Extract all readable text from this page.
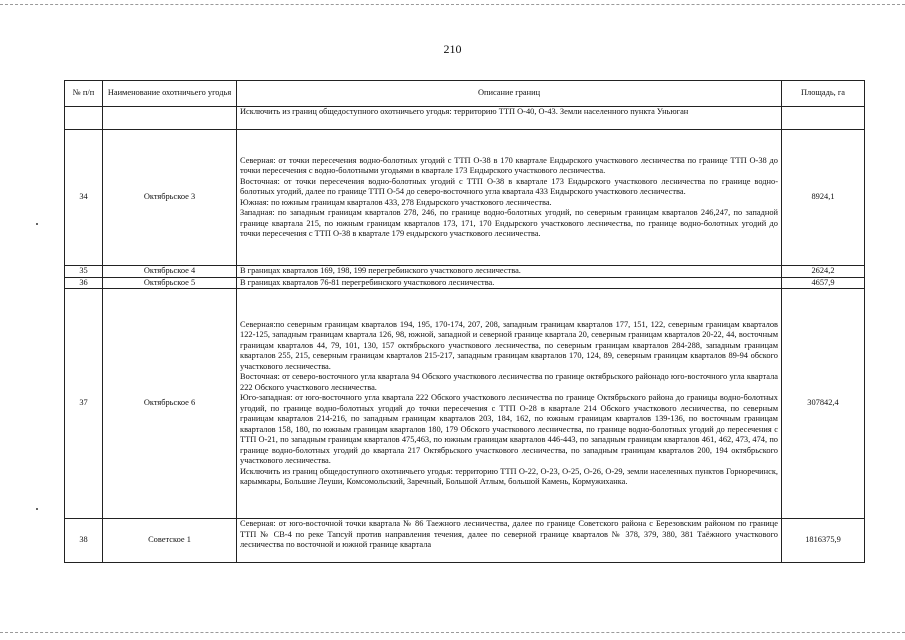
210
№ п/п	Наименование охотничьего угодья	Описание границ	Площадь, га
		Исключить из границ общедоступного охотничьего угодья: территорию ТТП О-40, О-43. Земли населенного пункта Уньюган	
34	Октябрьское 3	Северная: от точки пересечения водно-болотных угодий с ТТП О-38 в 170 квартале Ендырского участкового лесничества по границе ТТП О-38 до точки пересечения с водно-болотными угодьями в квартале 173 Ендырского участкового лесничества.
Восточная: от точки пересечения водно-болотных угодий с ТТП О-38 в квартале 173 Ендырского участкового лесничества по границе водно-болотных угодий, далее по границе ТТП О-54 до северо-восточного угла квартала 433 Ендырского участкового лесничества.
Южная: по южным границам кварталов 433, 278 Ендырского участкового лесничества.
Западная: по западным границам кварталов 278, 246, по границе водно-болотных угодий, по северным границам кварталов 246,247, по западной границе квартала 215, по южным границам кварталов 173, 171, 170 Ендырского участкового лесничества, по границе водно-болотных угодий до точки пересечения с ТТП О-38 в квартале 179 ендырского участкового лесничества.	8924,1
35	Октябрьское 4	В границах кварталов 169, 198, 199 перегребинского участкового лесничества.	2624,2
36	Октябрьское 5	В границах кварталов 76-81 перегребинского участкового лесничества.	4657,9
37	Октябрьское 6	Северная:по северным границам кварталов 194, 195, 170-174, 207, 208, западным границам кварталов 177, 151, 122, северным границам кварталов 122-125, западным границам квартала 126, 98, южной, западной и северной границе квартала 20, северным границам кварталов 20-22, 44, восточным границам кварталов 44, 79, 101, 130, 157 октябрьского участкового лесничества, по северным границам кварталов 284-288, западным границам кварталов 255, 215, северным границам кварталов 215-217, западным границам кварталов 170, 124, 89, северным границам кварталов 89-94 обского участкового лесничества.
Восточная: от северо-восточного угла квартала 94 Обского участкового лесничества по границе октябрьского районадо юго-восточного угла квартала 222 Обского участкового лесничества.
Юго-западная: от юго-восточного угла квартала 222 Обского участкового лесничества по границе Октябрьского района до границы водно-болотных угодий, по границе водно-болотных угодий до точки пересечения с ТТП О-28 в квартале 214 Обского участкового лесничества, по северным границам кварталов 214-216, по западным границам кварталов 203, 184, 162, по южным границам кварталов 139-136, по восточным границам кварталов 158, 180, по южным границам кварталов 180, 179 Обского участкового лесничества, по границе водно-болотных угодий до пересечения с ТТП О-21, по западным границам кварталов 475,463, по южным границам кварталов 446-443, по западным границам кварталов 461, 462, 473, 474, по границе водно-болотных угодий до квартала 217 Октябрьского участкового лесничества, по западным границам кварталов 200, 194 октябрьского участкового лесничества.
Исключить из границ общедоступного охотничьего угодья: территорию ТТП О-22, О-23, О-25, О-26, О-29, земли населенных пунктов Горноречинск, карымкары, Большие Леуши, Комсомольский, Заречный, Большой Атлым, большой Камень, Кормужиханка.	307842,4
38	Советское 1	Северная: от юго-восточной точки квартала № 86 Таежного лесничества, далее по границе Советского района с Березовским районом по границе ТТП № СВ-4 по реке Тапсуй против направления течения, далее по северной границе кварталов № 378, 379, 380, 381 Таёжного участкового лесничества по восточной и южной границе квартала	1816375,9
